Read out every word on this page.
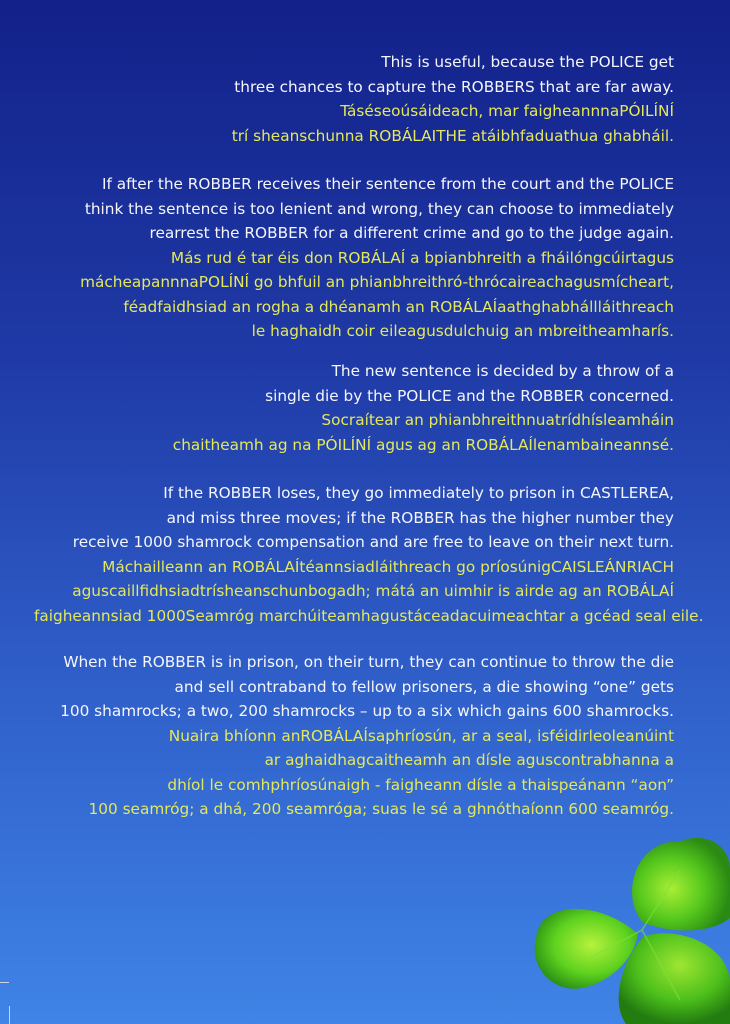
This is useful, because the POLICE get
three chances to capture the ROBBERS that are far away.
Táséseoúsáideach, mar faigheannnaPÓILÍNÍ
trí sheanschunna ROBÁLAITHE atáibhfaduathua ghabháil.
If after the ROBBER receives their sentence from the court and the POLICE
think the sentence is too lenient and wrong, they can choose to immediately
rearrest the ROBBER for a different crime and go to the judge again.
Más rud é tar éis don ROBÁLAÍ a bpianbhreith a fháilóngcúirtagus
mácheapannnaPOLÍNÍ go bhfuil an phianbhreithró-thrócaireachagusmícheart,
féadfaidhsiad an rogha a dhéanamh an ROBÁLAÍaathghabhállláithreach
le haghaidh coir eileagusdulchuig an mbreitheamharís.
The new sentence is decided by a throw of a
single die by the POLICE and the ROBBER concerned.
Socraítear an phianbhreithnuatrídhísleamháin
chaitheamh ag na PÓILÍNÍ agus ag an ROBÁLAÍlenambaineannsé.
If the ROBBER loses, they go immediately to prison in CASTLEREA,
and miss three moves; if the ROBBER has the higher number they
receive 1000 shamrock compensation and are free to leave on their next turn.
Máchailleann an ROBÁLAÍtéannsiadláithreach go príosúnigCAISLEÁNRIACH
aguscaillfidhsiadtrísheanschunbogadh; mátá an uimhir is airde ag an ROBÁLAÍ
faigheannsiad 1000Seamróg marchúiteamhagustáceadacuimeachtar a gcéad seal eile.
When the ROBBER is in prison, on their turn, they can continue to throw the die
and sell contraband to fellow prisoners, a die showing “one” gets
100 shamrocks; a two, 200 shamrocks – up to a six which gains 600 shamrocks.
Nuaira bhíonn anROBÁLAÍsaphríosún, ar a seal, isféidirleoleanúint
ar aghaidhagcaitheamh an dísle aguscontrabhanna a
dhíol le comhphríosúnaigh - faigheann dísle a thaispeánann “aon”
100 seamróg; a dhá, 200 seamróga; suas le sé a ghnóthaíonn 600 seamróg.
